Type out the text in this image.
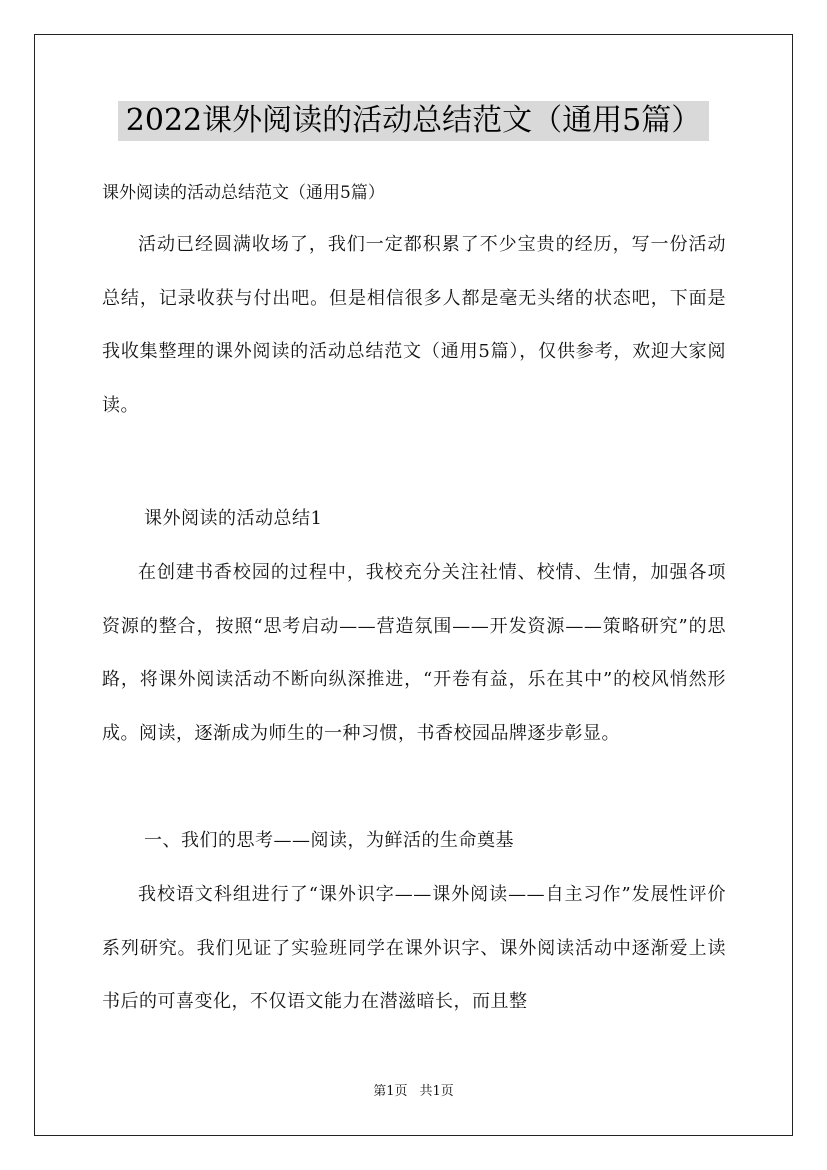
2022课外阅读的活动总结范文（通用5篇）
课外阅读的活动总结范文（通用5篇）

活动已经圆满收场了，我们一定都积累了不少宝贵的经历，写一份活动总结，记录收获与付出吧。但是相信很多人都是毫无头绪的状态吧，下面是我收集整理的课外阅读的活动总结范文（通用5篇），仅供参考，欢迎大家阅读。

课外阅读的活动总结1

在创建书香校园的过程中，我校充分关注社情、校情、生情，加强各项资源的整合，按照“思考启动——营造氛围——开发资源——策略研究”的思路，将课外阅读活动不断向纵深推进，“开卷有益，乐在其中”的校风悄然形成。阅读，逐渐成为师生的一种习惯，书香校园品牌逐步彰显。

一、我们的思考——阅读，为鲜活的生命奠基

我校语文科组进行了“课外识字——课外阅读——自主习作”发展性评价系列研究。我们见证了实验班同学在课外识字、课外阅读活动中逐渐爱上读书后的可喜变化，不仅语文能力在潜滋暗长，而且整

第1页 共1页
